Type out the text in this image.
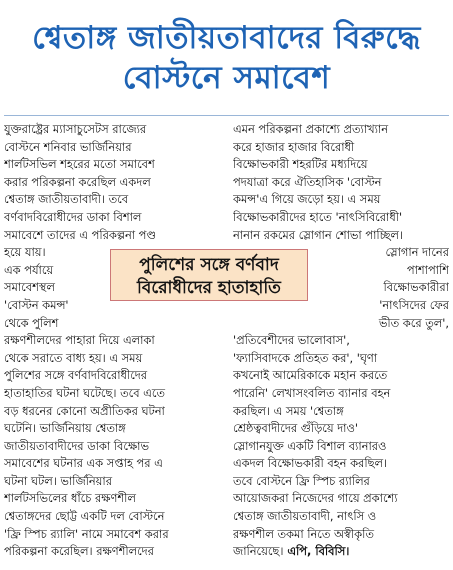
শ্বেতাঙ্গ জাতীয়তাবাদের বিরুদ্ধে
বোস্টনে সমাবেশ
যুক্তরাষ্ট্রের ম্যাসাচুসেটস রাজ্যের
বোস্টনে শনিবার ভার্জিনিয়ার
শার্লটসভিল শহরের মতো সমাবেশ
করার পরিকল্পনা করেছিল একদল
শ্বেতাঙ্গ জাতীয়তাবাদী। তবে
বর্ণবাদবিরোধীদের ডাকা বিশাল
সমাবেশে তাদের এ পরিকল্পনা পণ্ড
হয়ে যায়।
এক পর্যায়ে
সমাবেশস্থল
'বোস্টন কমন্স'
থেকে পুলিশ
রক্ষণশীলদের পাহারা দিয়ে এলাকা
থেকে সরাতে বাধ্য হয়। এ সময়
পুলিশের সঙ্গে বর্ণবাদবিরোধীদের
হাতাহাতির ঘটনা ঘটেছে। তবে এতে
বড় ধরনের কোনো অপ্রীতিকর ঘটনা
ঘটেনি। ভার্জিনিয়ায় শ্বেতাঙ্গ
জাতীয়তাবাদীদের ডাকা বিক্ষোভ
সমাবেশের ঘটনার এক সপ্তাহ পর এ
ঘটনা ঘটল। ভার্জিনিয়ার
শার্লটসভিলের ধাঁচে রক্ষণশীল
শ্বেতাঙ্গদের ছোট্ট একটি দল বোস্টনে
'ফ্রি স্পিচ র‍্যালি' নামে সমাবেশ করার
পরিকল্পনা করেছিল। রক্ষণশীলদের
এমন পরিকল্পনা প্রকাশ্যে প্রত্যাখ্যান
করে হাজার হাজার বিরোধী
বিক্ষোভকারী শহরটির মধ্যদিয়ে
পদযাত্রা করে ঐতিহাসিক 'বোস্টন
কমন্স'এ গিয়ে জড়ো হয়। এ সময়
বিক্ষোভকারীদের হাতে 'নাৎসিবিরোধী'
নানান রকমের স্লোগান শোভা পাচ্ছিল।
স্লোগান দানের
পাশাপাশি
বিক্ষোভকারীরা
'নাৎসিদের ফের
ভীত করে তুল',
'প্রতিবেশীদের ভালোবাস',
'ফ্যাসিবাদকে প্রতিহত কর', 'ঘৃণা
কখনোই আমেরিকাকে মহান করতে
পারেনি' লেখাসংবলিত ব্যানার বহন
করছিল। এ সময় 'শ্বেতাঙ্গ
শ্রেষ্ঠত্ববাদীদের গুঁড়িয়ে দাও'
স্লোগানযুক্ত একটি বিশাল ব্যানারও
একদল বিক্ষোভকারী বহন করছিল।
তবে বোস্টনে ফ্রি স্পিচ র‍্যালির
আয়োজকরা নিজেদের গায়ে প্রকাশ্যে
শ্বেতাঙ্গ জাতীয়তাবাদী, নাৎসি ও
রক্ষণশীল তকমা নিতে অস্বীকৃতি
জানিয়েছে। এপি, বিবিসি।
পুলিশের সঙ্গে বর্ণবাদ
বিরোধীদের হাতাহাতি
